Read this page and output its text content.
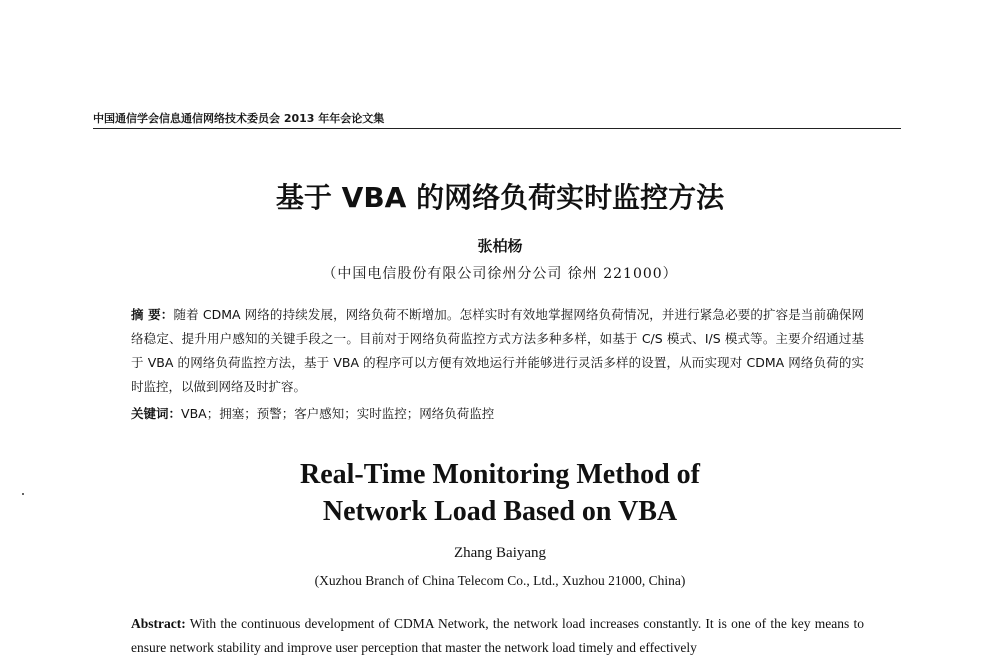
中国通信学会信息通信网络技术委员会 2013 年年会论文集
基于 VBA 的网络负荷实时监控方法
张柏杨
（中国电信股份有限公司徐州分公司 徐州 221000）
摘 要：随着 CDMA 网络的持续发展，网络负荷不断增加。怎样实时有效地掌握网络负荷情况，并进行紧急必要的扩容是当前确保网络稳定、提升用户感知的关键手段之一。目前对于网络负荷监控方式方法多种多样，如基于 C/S 模式、I/S 模式等。主要介绍通过基于 VBA 的网络负荷监控方法，基于 VBA 的程序可以方便有效地运行并能够进行灵活多样的设置，从而实现对 CDMA 网络负荷的实时监控，以做到网络及时扩容。
关键词：VBA；拥塞；预警；客户感知；实时监控；网络负荷监控
Real-Time Monitoring Method of
Network Load Based on VBA
Zhang Baiyang
(Xuzhou Branch of China Telecom Co., Ltd., Xuzhou 21000, China)
Abstract: With the continuous development of CDMA Network, the network load increases constantly. It is one of the key means to ensure network stability and improve user perception that master the network load timely and effectively
